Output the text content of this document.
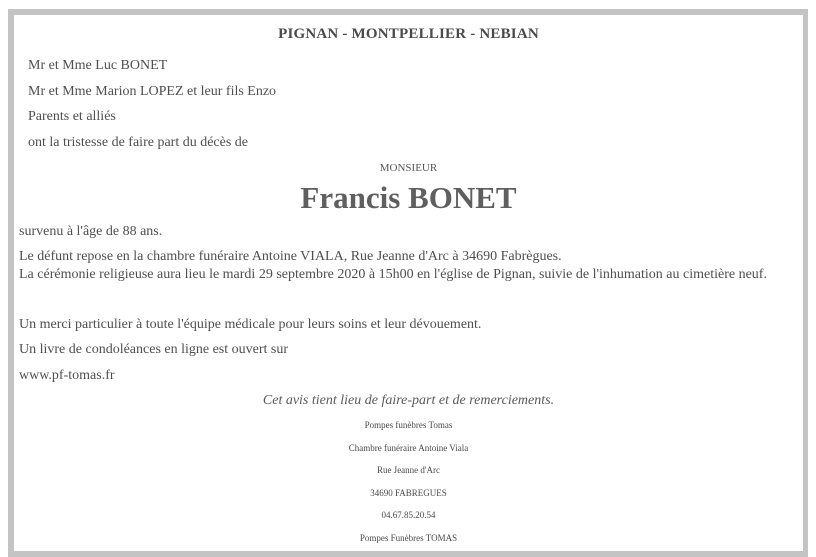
PIGNAN - MONTPELLIER - NEBIAN
Mr et Mme Luc BONET
Mr et Mme Marion LOPEZ et leur fils Enzo
Parents et alliés
ont la tristesse de faire part du décès de
MONSIEUR
Francis BONET
survenu à l'âge de 88 ans.
Le défunt repose en la chambre funéraire Antoine VIALA, Rue Jeanne d'Arc à 34690 Fabrègues.
La cérémonie religieuse aura lieu le mardi 29 septembre 2020 à 15h00 en l'église de Pignan, suivie de l'inhumation au cimetière neuf.
Un merci particulier à toute l'équipe médicale pour leurs soins et leur dévouement.
Un livre de condoléances en ligne est ouvert sur
www.pf-tomas.fr
Cet avis tient lieu de faire-part et de remerciements.
Pompes funèbres Tomas
Chambre funéraire Antoine Viala
Rue Jeanne d'Arc
34690 FABREGUES
04.67.85.20.54
Pompes Funèbres TOMAS
